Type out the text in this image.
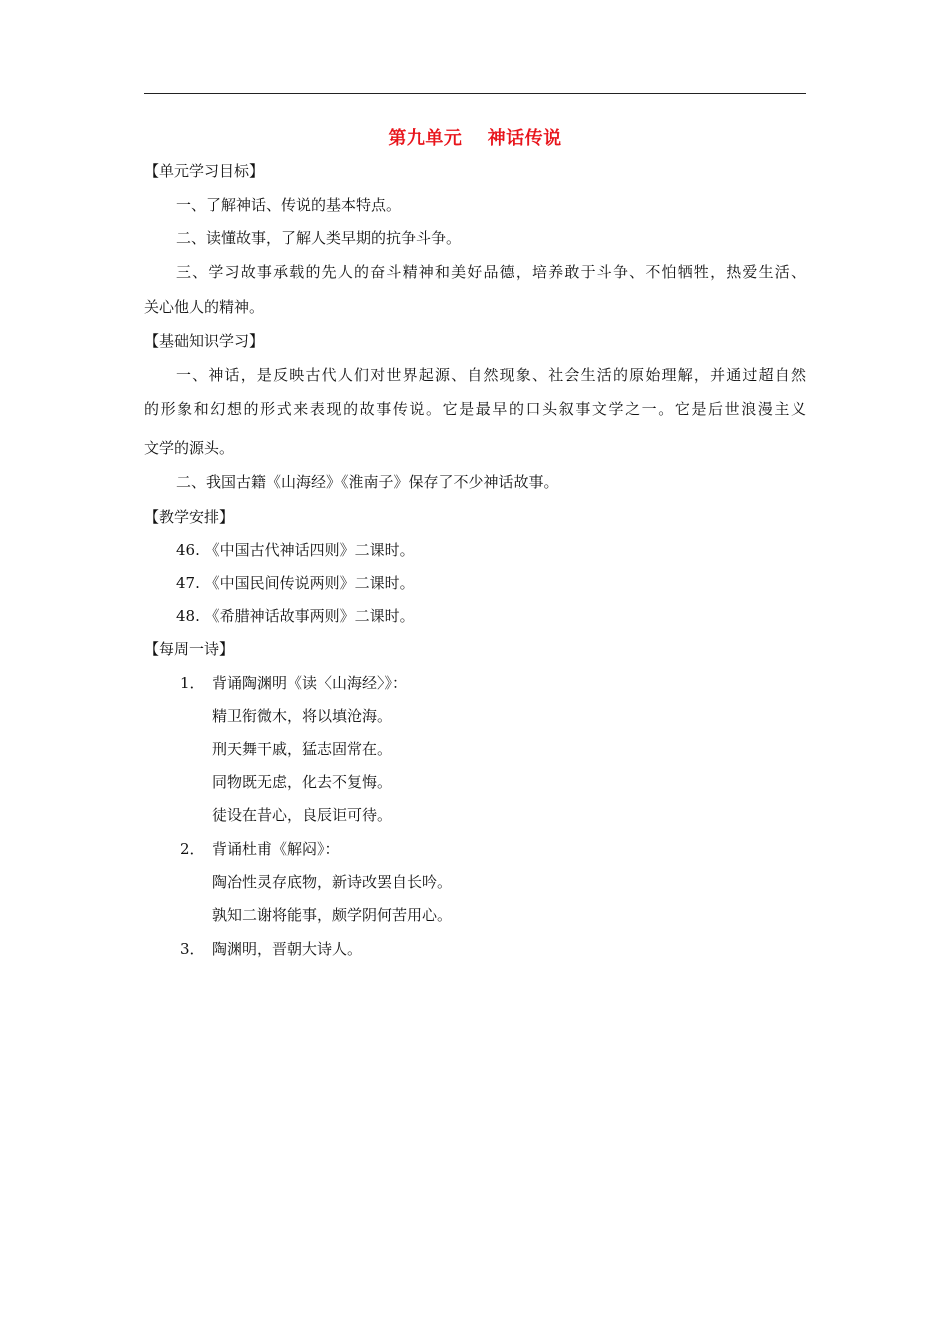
第九单元　 神话传说
【单元学习目标】
一、了解神话、传说的基本特点。
二、读懂故事，了解人类早期的抗争斗争。
三、学习故事承载的先人的奋斗精神和美好品德，培养敢于斗争、不怕牺牲，热爱生活、
关心他人的精神。
【基础知识学习】
一、神话，是反映古代人们对世界起源、自然现象、社会生活的原始理解，并通过超自然
的形象和幻想的形式来表现的故事传说。它是最早的口头叙事文学之一。它是后世浪漫主义
文学的源头。
二、我国古籍《山海经》《淮南子》保存了不少神话故事。
【教学安排】
46. 《中国古代神话四则》二课时。
47. 《中国民间传说两则》二课时。
48. 《希腊神话故事两则》二课时。
【每周一诗】
1． 背诵陶渊明《读〈山海经〉》：
精卫衔微木，将以填沧海。
刑天舞干戚，猛志固常在。
同物既无虑，化去不复悔。
徒设在昔心，良辰讵可待。
2． 背诵杜甫《解闷》：
陶冶性灵存底物，新诗改罢自长吟。
孰知二谢将能事，颇学阴何苦用心。
3． 陶渊明，晋朝大诗人。
